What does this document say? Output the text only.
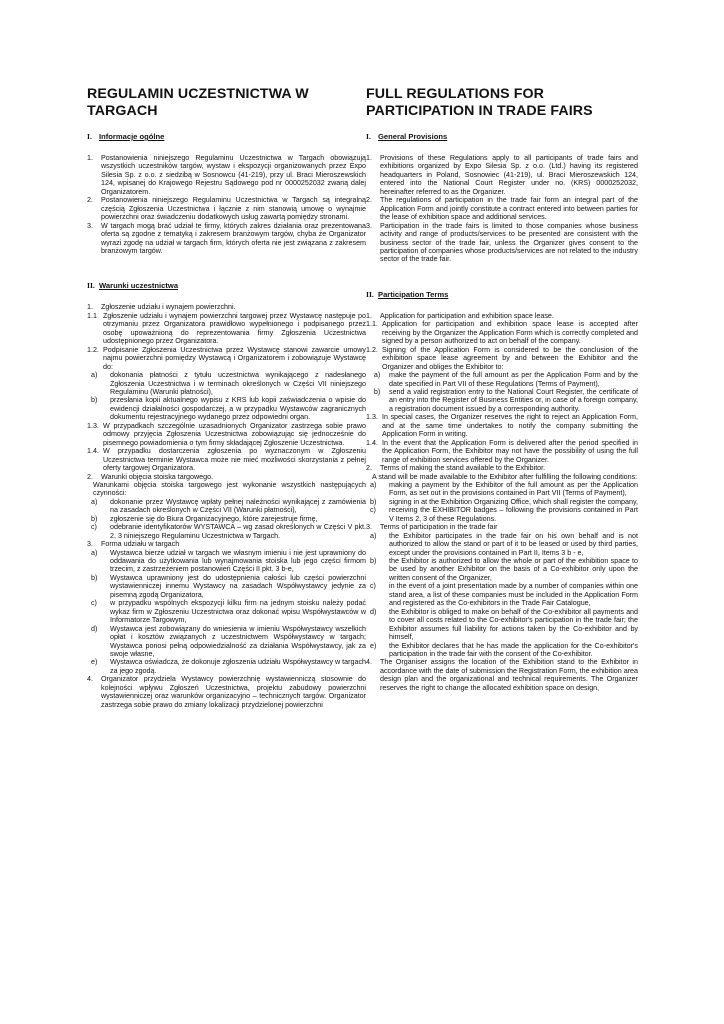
REGULAMIN UCZESTNICTWA W TARGACH
I. Informacje ogólne
1.	Postanowienia niniejszego Regulaminu Uczestnictwa w Targach obowiązują wszystkich uczestników targów, wystaw i ekspozycji organizowanych przez Expo Silesia Sp. z o.o. z siedzibą w Sosnowcu (41-219), przy ul. Braci Mieroszewskich 124, wpisanej do Krajowego Rejestru Sądowego pod nr 0000252032 zwaną dalej Organizatorem.
2.	Postanowienia niniejszego Regulaminu Uczestnictwa w Targach są integralną częścią Zgłoszenia Uczestnictwa i łącznie z nim stanowią umowę o wynajmie powierzchni oraz świadczeniu dodatkowych usług zawartą pomiędzy stronami.
3.	W targach mogą brać udział te firmy, których zakres działania oraz prezentowana oferta są zgodne z tematyką i zakresem branżowym targów, chyba że Organizator wyrazi zgodę na udział w targach firm, których oferta nie jest związana z zakresem branżowym targów.
II. Warunki uczestnictwa
1.	Zgłoszenie udziału i wynajem powierzchni.
1.1 Zgłoszenie udziału i wynajem powierzchni targowej przez Wystawcę następuje po otrzymaniu przez Organizatora prawidłowo wypełnionego i podpisanego przez osobę upoważnioną do reprezentowania firmy Zgłoszenia Uczestnictwa udostępnionego przez Organizatora.
1.2. Podpisanie Zgłoszenia Uczestnictwa przez Wystawcę stanowi zawarcie umowy najmu powierzchni pomiędzy Wystawcą i Organizatorem i zobowiązuje Wystawcę do:
a)	dokonania płatności z tytułu uczestnictwa wynikającego z nadesłanego Zgłoszenia Uczestnictwa i w terminach określonych w Części VII niniejszego Regulaminu (Warunki płatności),
b)	przesłania kopii aktualnego wypisu z KRS lub kopii zaświadczenia o wpisie do ewidencji działalności gospodarczej, a w przypadku Wystawców zagranicznych dokumentu rejestracyjnego wydanego przez odpowiedni organ.
1.3. W przypadkach szczególnie uzasadnionych Organizator zastrzega sobie prawo odmowy przyjęcia Zgłoszenia Uczestnictwa zobowiązując się jednocześnie do pisemnego powiadomienia o tym firmy składającej Zgłoszenie Uczestnictwa.
1.4. W przypadku dostarczenia zgłoszenia po wyznaczonym w Zgłoszeniu Uczestnictwa terminie Wystawca może nie mieć możliwości skorzystania z pełnej oferty targowej Organizatora.
2.	Warunki objęcia stoiska targowego.

Warunkami objęcia stoiska targowego jest wykonanie wszystkich następujących czynności:
a)	dokonanie przez Wystawcę wpłaty pełnej należności wynikającej z zamówienia na zasadach określonych w Części VII (Warunki płatności),
b)	zgłoszenie się do Biura Organizacyjnego, które zarejestruje firmę,
c)	odebranie identyfikatorów WYSTAWCA – wg zasad określonych w Części V pkt. 2, 3 niniejszego Regulaminu Uczestnictwa w Targach.
3.	Forma udziału w targach
a)	Wystawca bierze udział w targach we własnym imieniu i nie jest uprawniony do oddawania do użytkowania lub wynajmowania stoiska lub jego części firmom trzecim, z zastrzeżeniem postanowień Części II pkt. 3 b-e,
b)	Wystawca uprawniony jest do udostępnienia całości lub części powierzchni wystawienniczej innemu Wystawcy na zasadach Współwystawcy jedynie za pisemną zgodą Organizatora,
c)	w przypadku wspólnych ekspozycji kilku firm na jednym stoisku należy podać wykaz firm w Zgłoszeniu Uczestnictwa oraz dokonać wpisu Współwystawców w Informatorze Targowym,
d)	Wystawca jest zobowiązany do wniesienia w imieniu Współwystawcy wszelkich opłat i kosztów związanych z uczestnictwem Współwystawcy w targach; Wystawca ponosi pełną odpowiedzialność za działania Współwystawcy, jak za swoje własne,
e)	Wystawca oświadcza, że dokonuje zgłoszenia udziału Współwystawcy w targach za jego zgodą.
4.	Organizator przydziela Wystawcy powierzchnię wystawienniczą stosownie do kolejności wpływu Zgłoszeń Uczestnictwa, projektu zabudowy powierzchni wystawienniczej oraz warunków organizacyjno – technicznych targów. Organizator zastrzega sobie prawo do zmiany lokalizacji przydzielonej powierzchni
FULL REGULATIONS FOR PARTICIPATION IN TRADE FAIRS
I. General Provisions
1.	Provisions of these Regulations apply to all participants of trade fairs and exhibitions organized by Expo Silesia Sp. z o.o. (Ltd.) having its registered headquarters in Poland, Sosnowiec (41-219), ul. Braci Mieroszewskich 124, entered into the National Court Register under no. (KRS) 0000252032, hereinafter referred to as the Organizer.
2.	The regulations of participation in the trade fair form an integral part of the Application Form and jointly constitute a contract entered into between parties for the lease of exhibition space and additional services.
3.	Participation in the trade fairs is limited to those companies whose business activity and range of products/services to be presented are consistent with the business sector of the trade fair, unless the Organizer gives consent to the participation of companies whose products/services are not related to the industry sector of the trade fair.
II. Participation Terms
1.	Application for participation and exhibition space lease.
1.1. Application for participation and exhibition space lease is accepted after receiving by the Organizer the Application Form which is correctly completed and signed by a person authorized to act on behalf of the company.
1.2. Signing of the Application Form is considered to be the conclusion of the exhibition space lease agreement by and between the Exhibitor and the Organizer and obliges the Exhibitor to:
a)	make the payment of the full amount as per the Application Form and by the date specified in Part VII of these Regulations (Terms of Payment),
b)	send a valid registration entry to the National Court Register, the certificate of an entry into the Register of Business Entities or, in case of a foreign company, a registration document issued by a corresponding authority.
1.3. In special cases, the Organizer reserves the right to reject an Application Form, and at the same time undertakes to notify the company submitting the Application Form in writing.
1.4. In the event that the Application Form is delivered after the period specified in the Application Form, the Exhibitor may not have the possibility of using the full range of exhibition services offered by the Organizer.
2.	Terms of making the stand available to the Exhibitor.

A stand will be made available to the Exhibitor after fulfilling the following conditions:
a)	making a payment by the Exhibitor of the full amount as per the Application Form, as set out in the provisions contained in Part VII (Terms of Payment),
b)	signing in at the Exhibition Organizing Office, which shall register the company,
c)	receiving the EXHIBITOR badges – following the provisions contained in Part V Items 2, 3 of these Regulations.
3.	Terms of participation in the trade fair
a)	the Exhibitor participates in the trade fair on his own behalf and is not authorized to allow the stand or part of it to be leased or used by third parties, except under the provisions contained in Part II, Items 3 b - e,
b)	the Exhibitor is authorized to allow the whole or part of the exhibition space to be used by another Exhibitor on the basis of a Co-exhibitor only upon the written consent of the Organizer,
c)	in the event of a joint presentation made by a number of companies within one stand area, a list of these companies must be included in the Application Form and registered as the Co-exhibitors in the Trade Fair Catalogue,
d)	the Exhibitor is obliged to make on behalf of the Co-exhibitor all payments and to cover all costs related to the Co-exhibitor's participation in the trade fair; the Exhibitor assumes full liability for actions taken by the Co-exhibitor and by himself,
e)	the Exhibitor declares that he has made the application for the Co-exhibitor's participation in the trade fair with the consent of the Co-exhibitor.
4.	The Organiser assigns the location of the Exhibition stand to the Exhibitor in accordance with the date of submission the Registration Form, the exhibition area design plan and the organizational and technical requirements. The Organizer reserves the right to change the allocated exhibition space on design,
